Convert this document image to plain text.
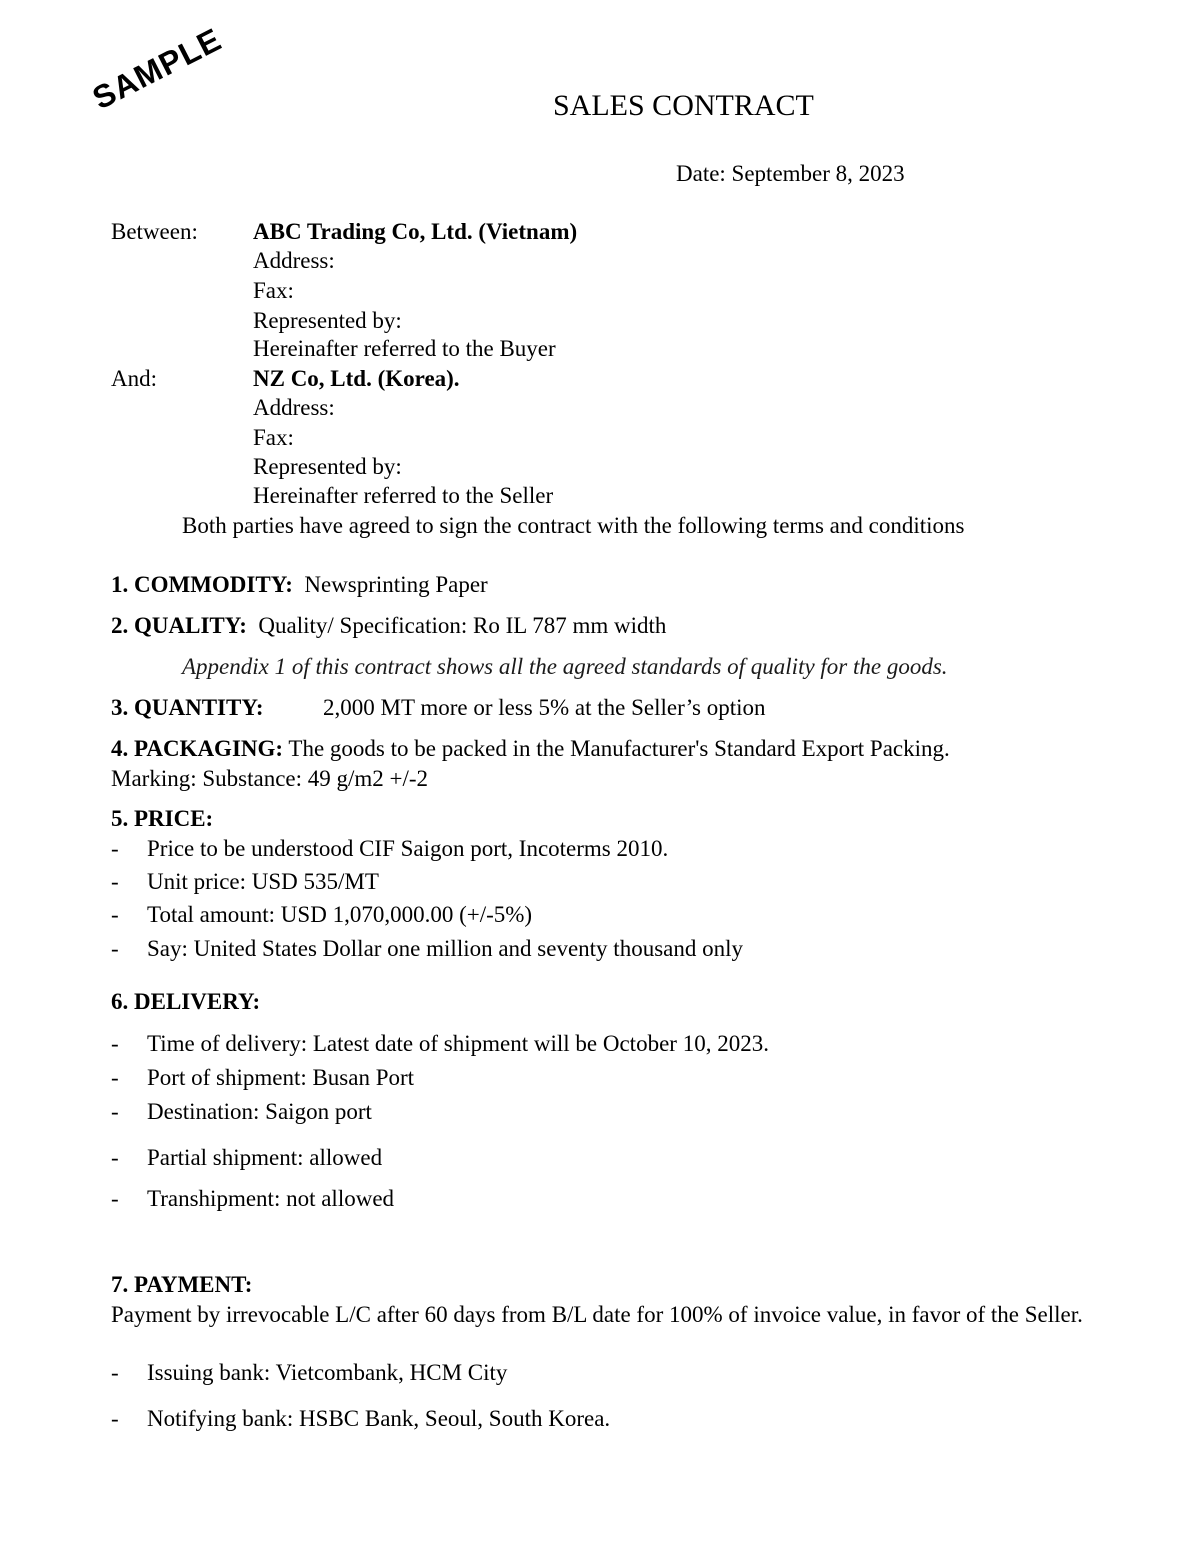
SAMPLE	SALES CONTRACT
Date: September 8, 2023
Between: ABC Trading Co, Ltd. (Vietnam)
Address:
Fax:
Represented by:
Hereinafter referred to the Buyer
And:	NZ Co, Ltd. (Korea).
Address:
Fax:
Represented by:
Hereinafter referred to the Seller
Both parties have agreed to sign the contract with the following terms and conditions
1. COMMODITY: Newsprinting Paper
2. QUALITY: Quality/ Specification: Ro IL 787 mm width
Appendix 1 of this contract shows all the agreed standards of quality for the goods.
3. QUANTITY:	2,000 MT more or less 5% at the Seller’s option
4. PACKAGING: The goods to be packed in the Manufacturer's Standard Export Packing.
Marking: Substance: 49 g/m2 +/-2
5. PRICE:
- Price to be understood CIF Saigon port, Incoterms 2010.
- Unit price: USD 535/MT
- Total amount: USD 1,070,000.00 (+/-5%)
- Say: United States Dollar one million and seventy thousand only
6. DELIVERY:
- Time of delivery: Latest date of shipment will be October 10, 2023.
- Port of shipment: Busan Port
- Destination: Saigon port
- Partial shipment: allowed
- Transhipment: not allowed
7. PAYMENT:
Payment by irrevocable L/C after 60 days from B/L date for 100% of invoice value, in favor of the Seller.
- Issuing bank: Vietcombank, HCM City
- Notifying bank: HSBC Bank, Seoul, South Korea.
